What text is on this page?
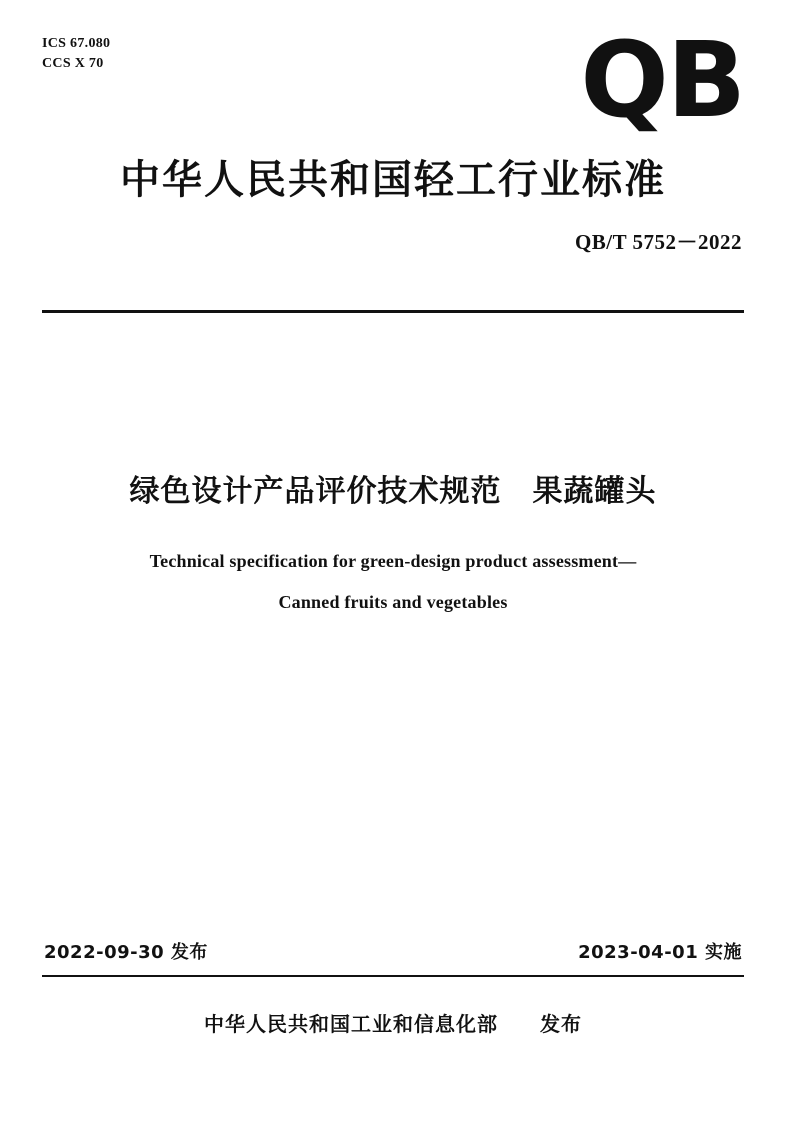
ICS 67.080
CCS X 70	QB
中华人民共和国轻工行业标准
QB/T 5752－2022
绿色设计产品评价技术规范　果蔬罐头
Technical specification for green-design product assessment—
Canned fruits and vegetables
2022-09-30 发布	2023-04-01 实施
中华人民共和国工业和信息化部　　发布
